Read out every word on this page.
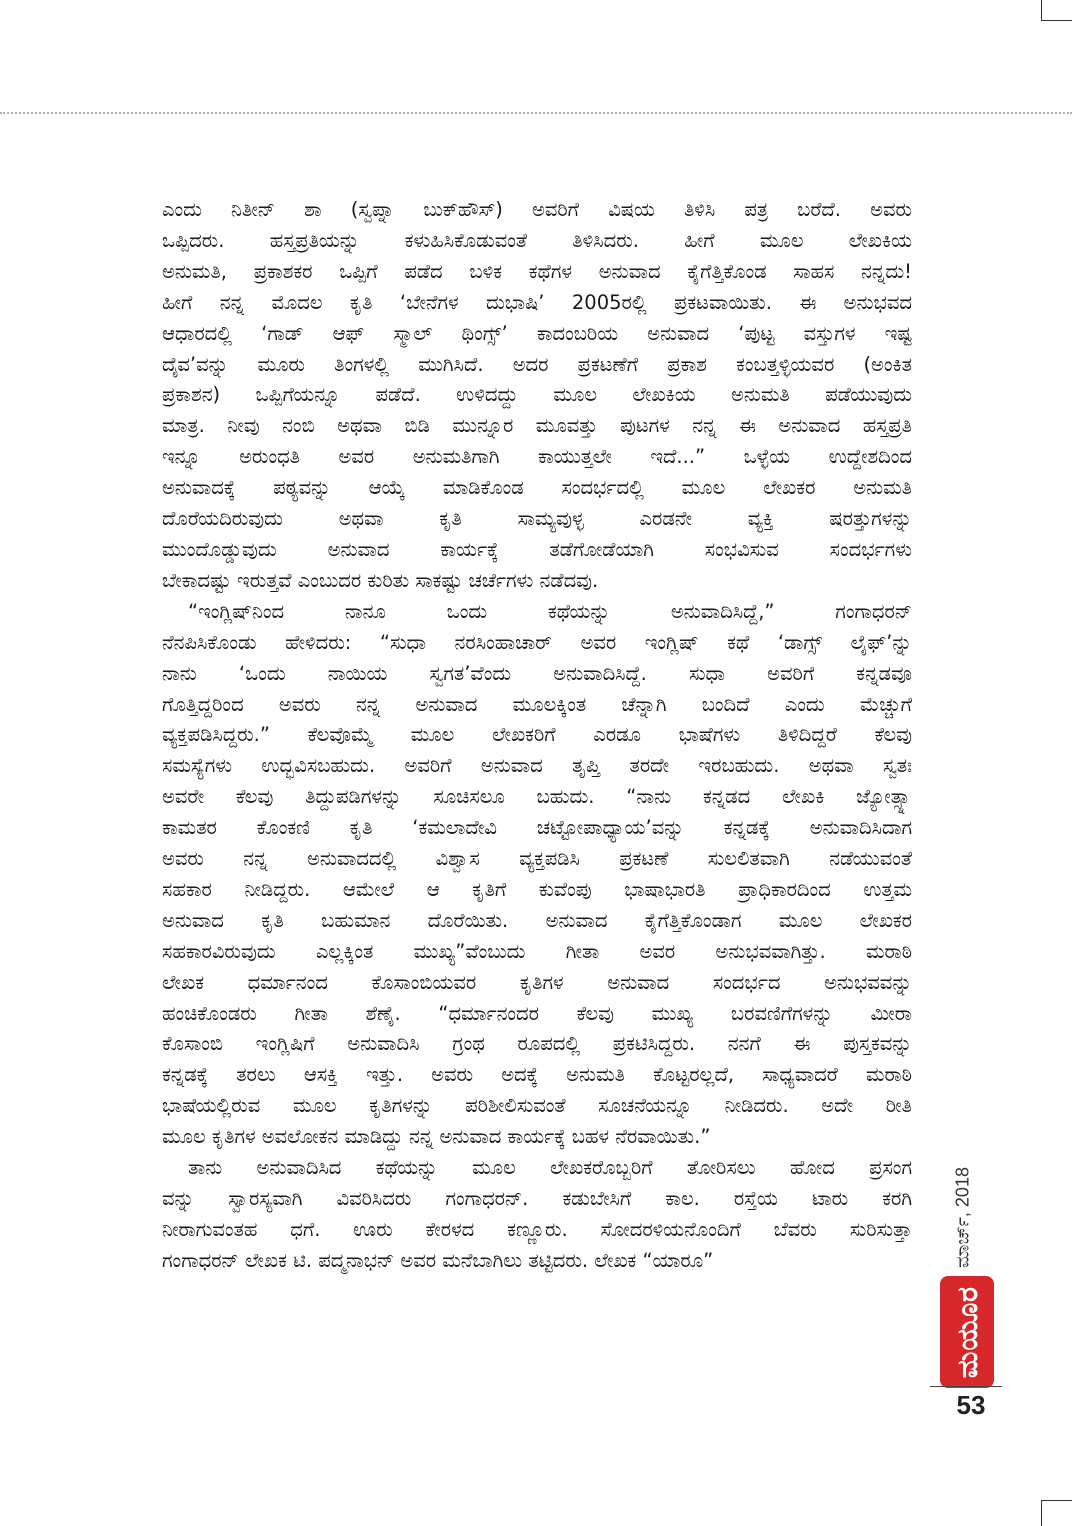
ಎಂದು ನಿತೀನ್ ಶಾ (ಸ್ವಪ್ನಾ ಬುಕ್‌ಹೌಸ್) ಅವರಿಗೆ ವಿಷಯ ತಿಳಿಸಿ ಪತ್ರ ಬರೆದೆ. ಅವರು

ಒಪ್ಪಿದರು. ಹಸ್ತಪ್ರತಿಯನ್ನು ಕಳುಹಿಸಿಕೊಡುವಂತೆ ತಿಳಿಸಿದರು. ಹೀಗೆ ಮೂಲ ಲೇಖಕಿಯ

ಅನುಮತಿ, ಪ್ರಕಾಶಕರ ಒಪ್ಪಿಗೆ ಪಡೆದ ಬಳಿಕ ಕಥೆಗಳ ಅನುವಾದ ಕೈಗೆತ್ತಿಕೊಂಡ ಸಾಹಸ ನನ್ನದು!

ಹೀಗೆ ನನ್ನ ಮೊದಲ ಕೃತಿ ‘ಬೇನೆಗಳ ದುಭಾಷಿ’ 2005ರಲ್ಲಿ ಪ್ರಕಟವಾಯಿತು. ಈ ಅನುಭವದ

ಆಧಾರದಲ್ಲಿ ‘ಗಾಡ್ ಆಫ್ ಸ್ಮಾಲ್ ಥಿಂಗ್ಸ್’ ಕಾದಂಬರಿಯ ಅನುವಾದ ‘ಪುಟ್ಟ ವಸ್ತುಗಳ ಇಷ್ಟ

ದೈವ’ವನ್ನು ಮೂರು ತಿಂಗಳಲ್ಲಿ ಮುಗಿಸಿದೆ. ಅದರ ಪ್ರಕಟಣೆಗೆ ಪ್ರಕಾಶ ಕಂಬತ್ತಳ್ಳಿಯವರ (ಅಂಕಿತ

ಪ್ರಕಾಶನ) ಒಪ್ಪಿಗೆಯನ್ನೂ ಪಡೆದೆ. ಉಳಿದದ್ದು ಮೂಲ ಲೇಖಕಿಯ ಅನುಮತಿ ಪಡೆಯುವುದು

ಮಾತ್ರ. ನೀವು ನಂಬಿ ಅಥವಾ ಬಿಡಿ ಮುನ್ನೂರ ಮೂವತ್ತು ಪುಟಗಳ ನನ್ನ ಈ ಅನುವಾದ ಹಸ್ತಪ್ರತಿ

ಇನ್ನೂ ಅರುಂಧತಿ ಅವರ ಅನುಮತಿಗಾಗಿ ಕಾಯುತ್ತಲೇ ಇದೆ...” ಒಳ್ಳೆಯ ಉದ್ದೇಶದಿಂದ

ಅನುವಾದಕ್ಕೆ ಪಠ್ಯವನ್ನು ಆಯ್ಕೆ ಮಾಡಿಕೊಂಡ ಸಂದರ್ಭದಲ್ಲಿ ಮೂಲ ಲೇಖಕರ ಅನುಮತಿ

ದೊರೆಯದಿರುವುದು ಅಥವಾ ಕೃತಿ ಸಾಮ್ಯವುಳ್ಳ ಎರಡನೇ ವ್ಯಕ್ತಿ ಷರತ್ತುಗಳನ್ನು

ಮುಂದೊಡ್ಡುವುದು ಅನುವಾದ ಕಾರ್ಯಕ್ಕೆ ತಡೆಗೋಡೆಯಾಗಿ ಸಂಭವಿಸುವ ಸಂದರ್ಭಗಳು

ಬೇಕಾದಷ್ಟು ಇರುತ್ತವೆ ಎಂಬುದರ ಕುರಿತು ಸಾಕಷ್ಟು ಚರ್ಚೆಗಳು ನಡೆದವು.

“ಇಂಗ್ಲಿಷ್‌ನಿಂದ ನಾನೂ ಒಂದು ಕಥೆಯನ್ನು ಅನುವಾದಿಸಿದ್ದೆ,” ಗಂಗಾಧರನ್

ನೆನಪಿಸಿಕೊಂಡು ಹೇಳಿದರು: “ಸುಧಾ ನರಸಿಂಹಾಚಾರ್ ಅವರ ಇಂಗ್ಲಿಷ್ ಕಥೆ ‘ಡಾಗ್ಸ್ ಲೈಫ್’ನ್ನು

ನಾನು ‘ಒಂದು ನಾಯಿಯ ಸ್ವಗತ’ವೆಂದು ಅನುವಾದಿಸಿದ್ದೆ. ಸುಧಾ ಅವರಿಗೆ ಕನ್ನಡವೂ

ಗೊತ್ತಿದ್ದರಿಂದ ಅವರು ನನ್ನ ಅನುವಾದ ಮೂಲಕ್ಕಿಂತ ಚೆನ್ನಾಗಿ ಬಂದಿದೆ ಎಂದು ಮೆಚ್ಚುಗೆ

ವ್ಯಕ್ತಪಡಿಸಿದ್ದರು.” ಕೆಲವೊಮ್ಮೆ ಮೂಲ ಲೇಖಕರಿಗೆ ಎರಡೂ ಭಾಷೆಗಳು ತಿಳಿದಿದ್ದರೆ ಕೆಲವು

ಸಮಸ್ಯೆಗಳು ಉದ್ಭವಿಸಬಹುದು. ಅವರಿಗೆ ಅನುವಾದ ತೃಪ್ತಿ ತರದೇ ಇರಬಹುದು. ಅಥವಾ ಸ್ವತಃ

ಅವರೇ ಕೆಲವು ತಿದ್ದುಪಡಿಗಳನ್ನು ಸೂಚಿಸಲೂ ಬಹುದು. “ನಾನು ಕನ್ನಡದ ಲೇಖಕಿ ಜ್ಯೋತ್ಸ್ನಾ

ಕಾಮತರ ಕೊಂಕಣಿ ಕೃತಿ ‘ಕಮಲಾದೇವಿ ಚಟ್ಟೋಪಾಧ್ಯಾಯ’ವನ್ನು ಕನ್ನಡಕ್ಕೆ ಅನುವಾದಿಸಿದಾಗ

ಅವರು ನನ್ನ ಅನುವಾದದಲ್ಲಿ ವಿಶ್ವಾಸ ವ್ಯಕ್ತಪಡಿಸಿ ಪ್ರಕಟಣೆ ಸುಲಲಿತವಾಗಿ ನಡೆಯುವಂತೆ

ಸಹಕಾರ ನೀಡಿದ್ದರು. ಆಮೇಲೆ ಆ ಕೃತಿಗೆ ಕುವೆಂಪು ಭಾಷಾಭಾರತಿ ಪ್ರಾಧಿಕಾರದಿಂದ ಉತ್ತಮ

ಅನುವಾದ ಕೃತಿ ಬಹುಮಾನ ದೊರೆಯಿತು. ಅನುವಾದ ಕೈಗೆತ್ತಿಕೊಂಡಾಗ ಮೂಲ ಲೇಖಕರ

ಸಹಕಾರವಿರುವುದು ಎಲ್ಲಕ್ಕಿಂತ ಮುಖ್ಯ”ವೆಂಬುದು ಗೀತಾ ಅವರ ಅನುಭವವಾಗಿತ್ತು. ಮರಾಠಿ

ಲೇಖಕ ಧರ್ಮಾನಂದ ಕೊಸಾಂಬಿಯವರ ಕೃತಿಗಳ ಅನುವಾದ ಸಂದರ್ಭದ ಅನುಭವವನ್ನು

ಹಂಚಿಕೊಂಡರು ಗೀತಾ ಶೆಣೈ. “ಧರ್ಮಾನಂದರ ಕೆಲವು ಮುಖ್ಯ ಬರವಣಿಗೆಗಳನ್ನು ಮೀರಾ

ಕೊಸಾಂಬಿ ಇಂಗ್ಲಿಷಿಗೆ ಅನುವಾದಿಸಿ ಗ್ರಂಥ ರೂಪದಲ್ಲಿ ಪ್ರಕಟಿಸಿದ್ದರು. ನನಗೆ ಈ ಪುಸ್ತಕವನ್ನು

ಕನ್ನಡಕ್ಕೆ ತರಲು ಆಸಕ್ತಿ ಇತ್ತು. ಅವರು ಅದಕ್ಕೆ ಅನುಮತಿ ಕೊಟ್ಟರಲ್ಲದೆ, ಸಾಧ್ಯವಾದರೆ ಮರಾಠಿ

ಭಾಷೆಯಲ್ಲಿರುವ ಮೂಲ ಕೃತಿಗಳನ್ನು ಪರಿಶೀಲಿಸುವಂತೆ ಸೂಚನೆಯನ್ನೂ ನೀಡಿದರು. ಅದೇ ರೀತಿ

ಮೂಲ ಕೃತಿಗಳ ಅವಲೋಕನ ಮಾಡಿದ್ದು ನನ್ನ ಅನುವಾದ ಕಾರ್ಯಕ್ಕೆ ಬಹಳ ನೆರವಾಯಿತು.”

ತಾನು ಅನುವಾದಿಸಿದ ಕಥೆಯನ್ನು ಮೂಲ ಲೇಖಕರೊಬ್ಬರಿಗೆ ತೋರಿಸಲು ಹೋದ ಪ್ರಸಂಗ

ವನ್ನು ಸ್ವಾರಸ್ಯವಾಗಿ ವಿವರಿಸಿದರು ಗಂಗಾಧರನ್. ಕಡುಬೇಸಿಗೆ ಕಾಲ. ರಸ್ತೆಯ ಟಾರು ಕರಗಿ

ನೀರಾಗುವಂತಹ ಧಗೆ. ಊರು ಕೇರಳದ ಕಣ್ಣೂರು. ಸೋದರಳಿಯನೊಂದಿಗೆ ಬೆವರು ಸುರಿಸುತ್ತಾ

ಗಂಗಾಧರನ್ ಲೇಖಕ ಟಿ. ಪದ್ಮನಾಭನ್ ಅವರ ಮನೆಬಾಗಿಲು ತಟ್ಟಿದರು. ಲೇಖಕ “ಯಾರೂ”	ಮಾರ್ಚ್, 2018
ಮಯೂರ
53
